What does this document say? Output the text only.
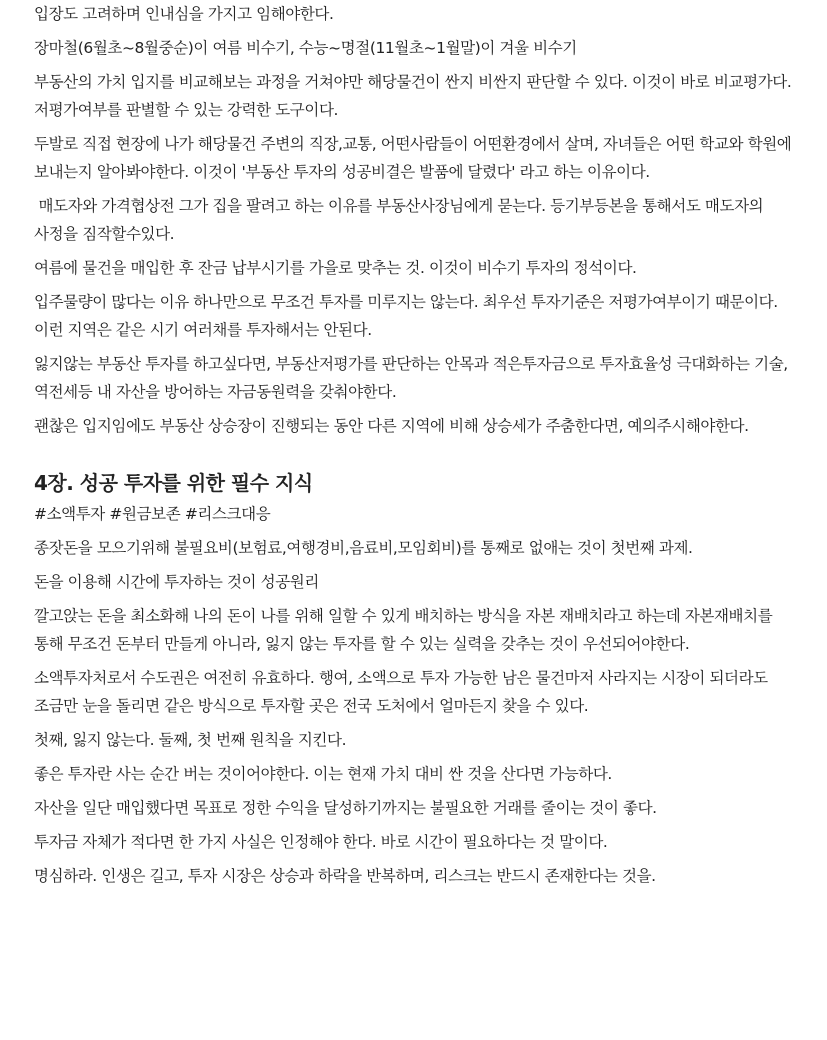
입장도 고려하며 인내심을 가지고 임해야한다.

장마철(6월초~8월중순)이 여름 비수기, 수능~명절(11월초~1월말)이 겨울 비수기

부동산의 가치 입지를 비교해보는 과정을 거쳐야만 해당물건이 싼지 비싼지 판단할 수 있다. 이것이 바로 비교평가다. 저평가여부를 판별할 수 있는 강력한 도구이다.

두발로 직접 현장에 나가 해당물건 주변의 직장,교통, 어떤사람들이 어떤환경에서 살며, 자녀들은 어떤 학교와 학원에 보내는지 알아봐야한다. 이것이 '부동산 투자의 성공비결은 발품에 달렸다' 라고 하는 이유이다.

매도자와 가격협상전 그가 집을 팔려고 하는 이유를 부동산사장님에게 묻는다. 등기부등본을 통해서도 매도자의 사정을 짐작할수있다.

여름에 물건을 매입한 후 잔금 납부시기를 가을로 맞추는 것. 이것이 비수기 투자의 정석이다.

입주물량이 많다는 이유 하나만으로 무조건 투자를 미루지는 않는다. 최우선 투자기준은 저평가여부이기 때문이다. 이런 지역은 같은 시기 여러채를 투자해서는 안된다.

잃지않는 부동산 투자를 하고싶다면, 부동산저평가를 판단하는 안목과 적은투자금으로 투자효율성 극대화하는 기술, 역전세등 내 자산을 방어하는 자금동원력을 갖춰야한다.

괜찮은 입지임에도 부동산 상승장이 진행되는 동안 다른 지역에 비해 상승세가 주춤한다면, 예의주시해야한다.

4장. 성공 투자를 위한 필수 지식

#소액투자 #원금보존 #리스크대응

종잣돈을 모으기위해 불필요비(보험료,여행경비,음료비,모임회비)를 통째로 없애는 것이 첫번째 과제.

돈을 이용해 시간에 투자하는 것이 성공원리

깔고앉는 돈을 최소화해 나의 돈이 나를 위해 일할 수 있게 배치하는 방식을 자본 재배치라고 하는데 자본재배치를 통해 무조건 돈부터 만들게 아니라, 잃지 않는 투자를 할 수 있는 실력을 갖추는 것이 우선되어야한다.

소액투자처로서 수도권은 여전히 유효하다. 행여, 소액으로 투자 가능한 남은 물건마저 사라지는 시장이 되더라도 조금만 눈을 돌리면 같은 방식으로 투자할 곳은 전국 도처에서 얼마든지 찾을 수 있다.

첫째, 잃지 않는다. 둘째, 첫 번째 원칙을 지킨다.

좋은 투자란 사는 순간 버는 것이어야한다. 이는 현재 가치 대비 싼 것을 산다면 가능하다.

자산을 일단 매입했다면 목표로 정한 수익을 달성하기까지는 불필요한 거래를 줄이는 것이 좋다.

투자금 자체가 적다면 한 가지 사실은 인정해야 한다. 바로 시간이 필요하다는 것 말이다.

명심하라. 인생은 길고, 투자 시장은 상승과 하락을 반복하며, 리스크는 반드시 존재한다는 것을.
